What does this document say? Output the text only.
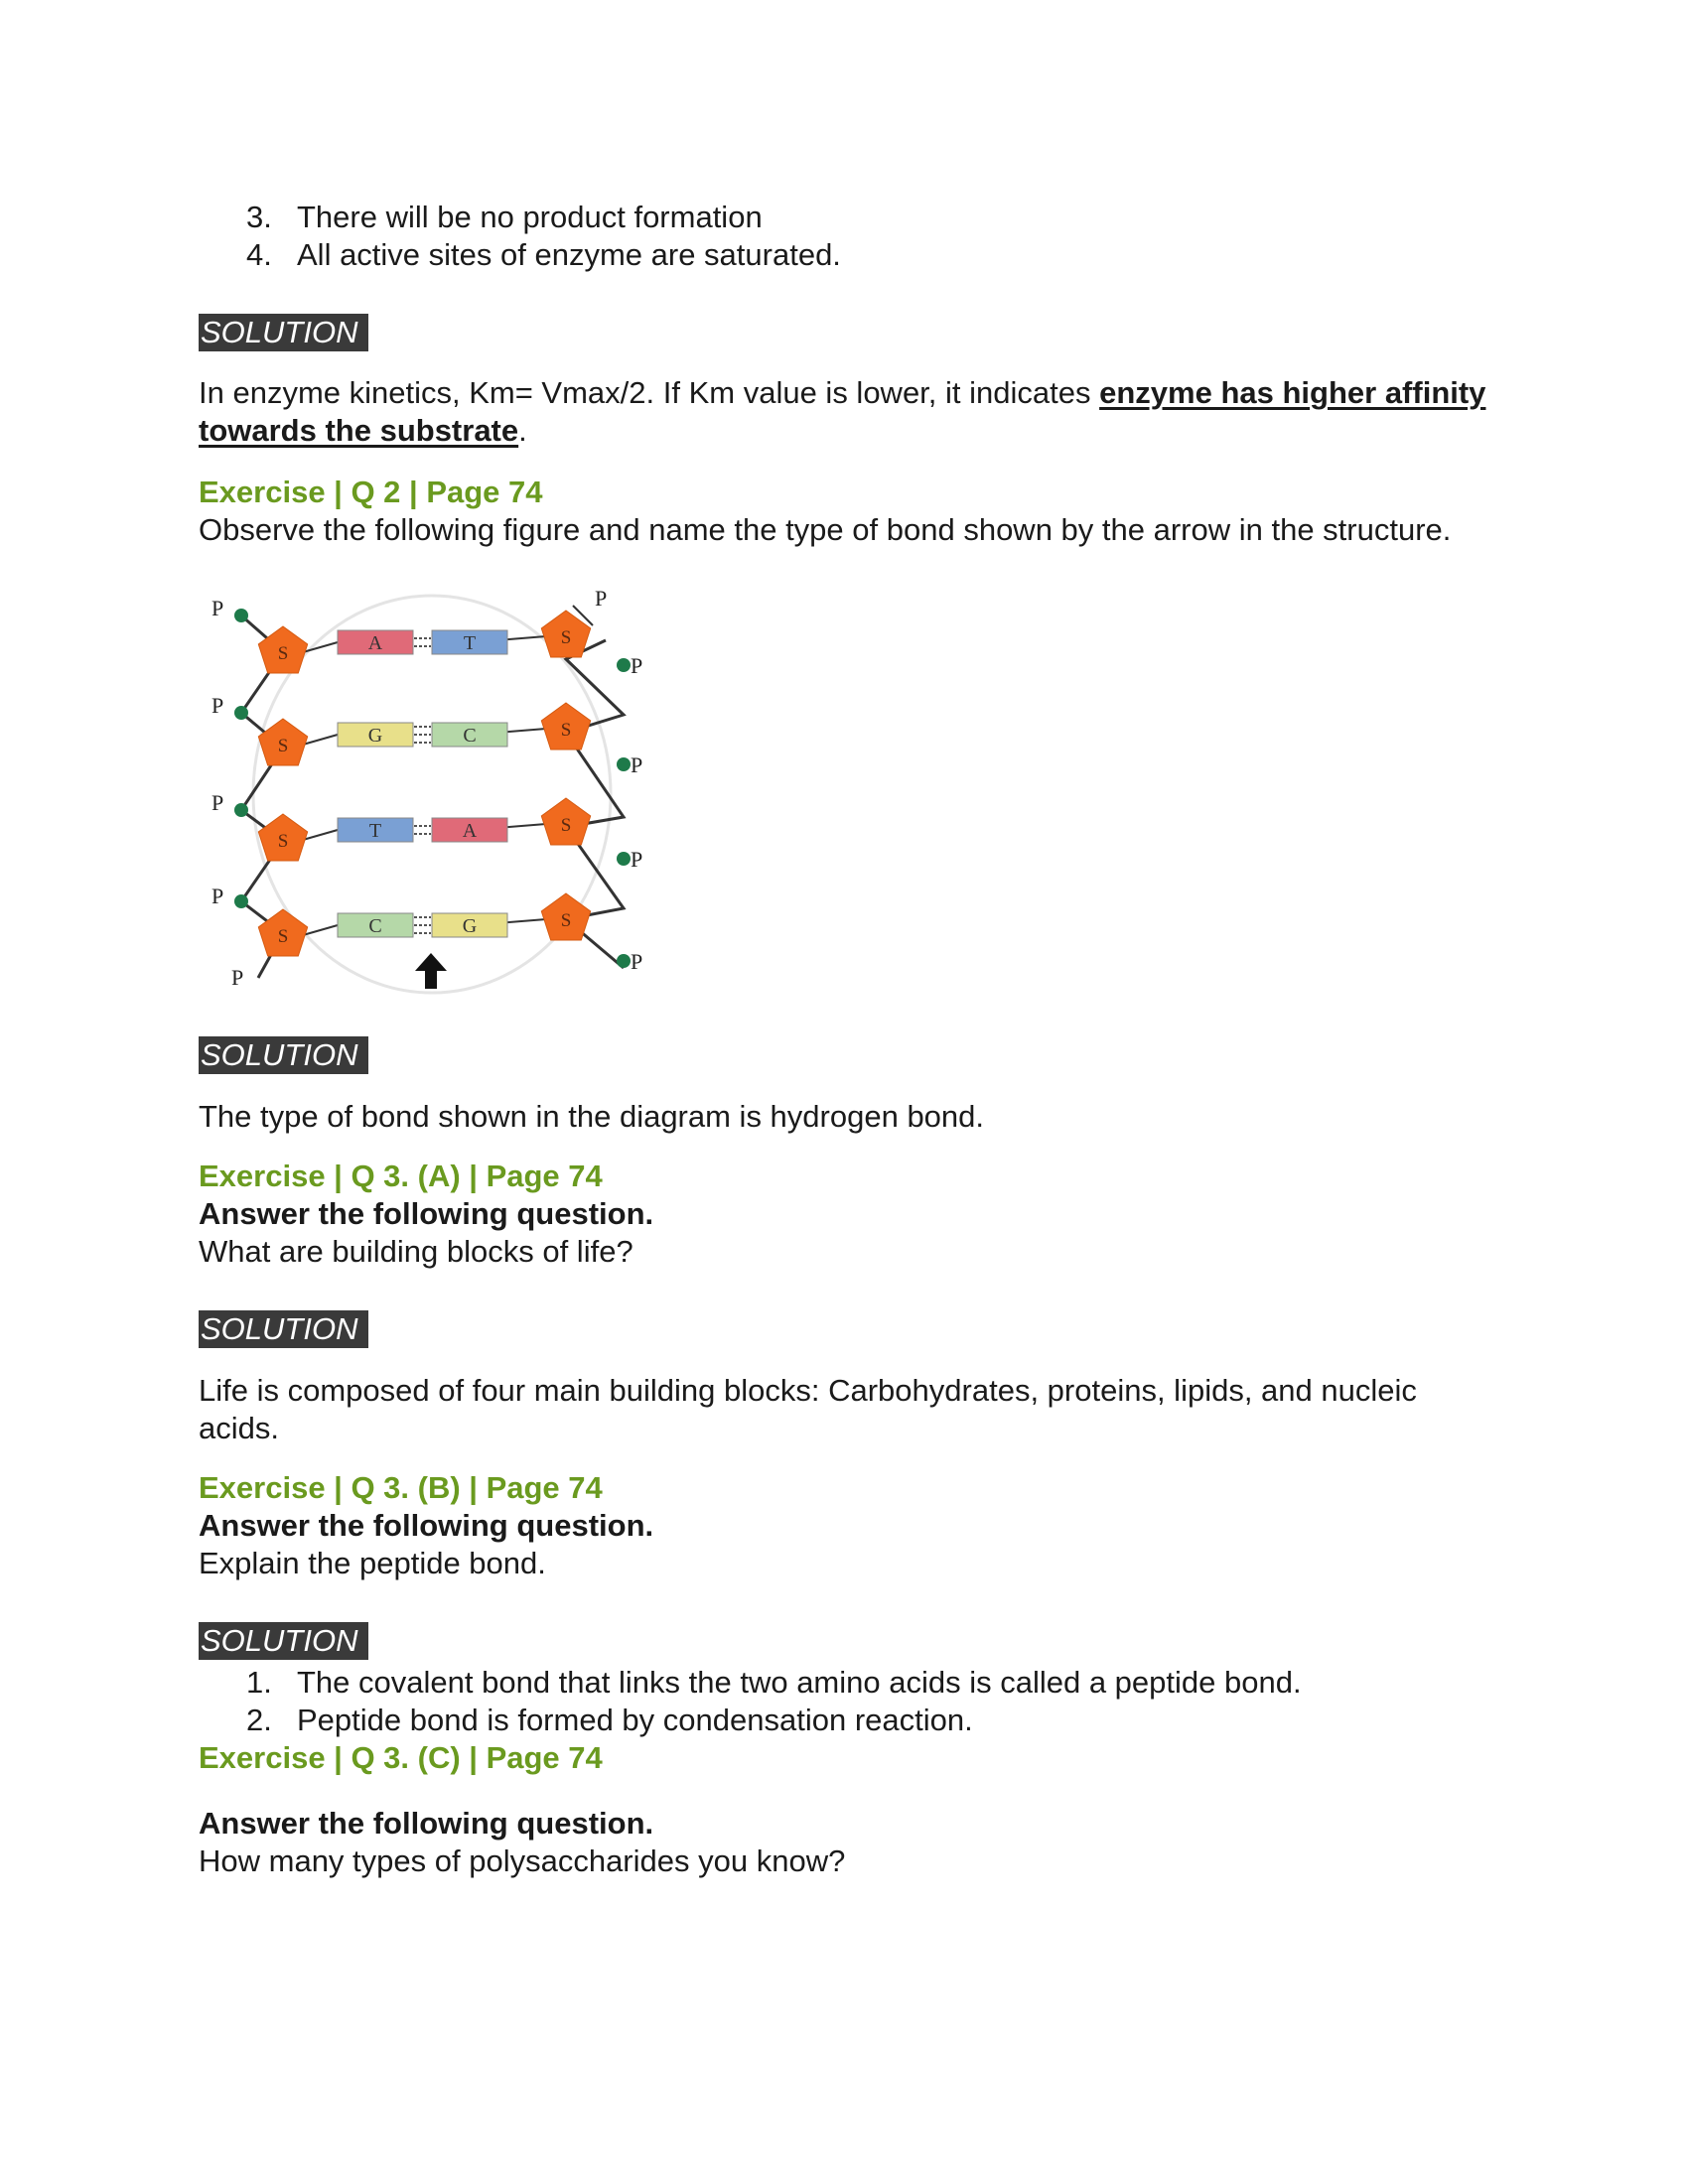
3. There will be no product formation
4. All active sites of enzyme are saturated.
SOLUTION
In enzyme kinetics, Km= Vmax/2. If Km value is lower, it indicates enzyme has higher affinity towards the substrate.
Exercise | Q 2 | Page 74
Observe the following figure and name the type of bond shown by the arrow in the structure.
P
P
P
P
P
P
P
P
P
P
A	T
S
S
G	C
S
S
T	A
S
S
C	G
S
S
SOLUTION
The type of bond shown in the diagram is hydrogen bond.
Exercise | Q 3. (A) | Page 74
Answer the following question.
What are building blocks of life?
SOLUTION
Life is composed of four main building blocks: Carbohydrates, proteins, lipids, and nucleic acids.
Exercise | Q 3. (B) | Page 74
Answer the following question.
Explain the peptide bond.
SOLUTION
1. The covalent bond that links the two amino acids is called a peptide bond.
2. Peptide bond is formed by condensation reaction.
Exercise | Q 3. (C) | Page 74
Answer the following question.
How many types of polysaccharides you know?
